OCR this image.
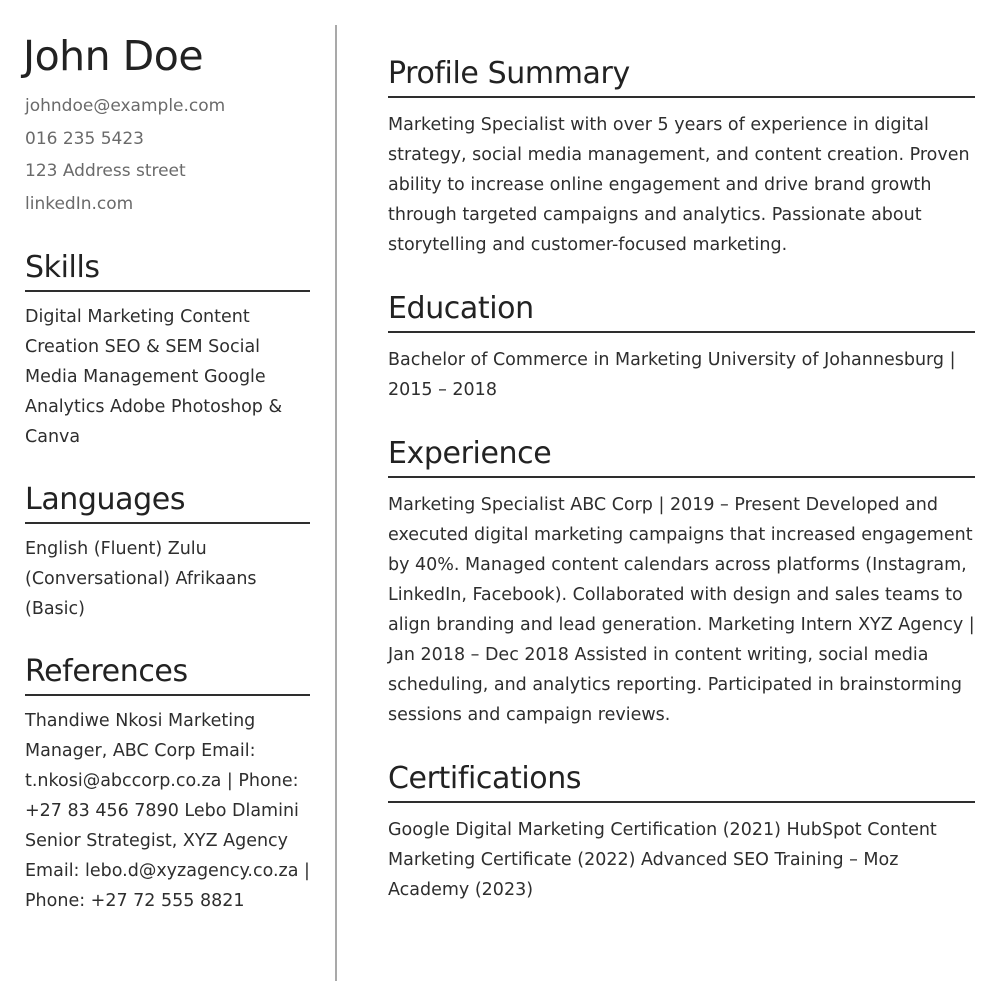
John Doe

johndoe@example.com

016 235 5423

123 Address street

linkedIn.com

Skills

Digital Marketing Content Creation SEO & SEM Social Media Management Google Analytics Adobe Photoshop & Canva

Languages

English (Fluent) Zulu (Conversational) Afrikaans (Basic)

References

Thandiwe Nkosi Marketing Manager, ABC Corp Email: t.nkosi@abccorp.co.za | Phone: +27 83 456 7890 Lebo Dlamini Senior Strategist, XYZ Agency Email: lebo.d@xyzagency.co.za | Phone: +27 72 555 8821

Profile Summary

Marketing Specialist with over 5 years of experience in digital strategy, social media management, and content creation. Proven ability to increase online engagement and drive brand growth through targeted campaigns and analytics. Passionate about storytelling and customer-focused marketing.

Education

Bachelor of Commerce in Marketing University of Johannesburg | 2015 – 2018

Experience

Marketing Specialist ABC Corp | 2019 – Present Developed and executed digital marketing campaigns that increased engagement by 40%. Managed content calendars across platforms (Instagram, LinkedIn, Facebook). Collaborated with design and sales teams to align branding and lead generation. Marketing Intern XYZ Agency | Jan 2018 – Dec 2018 Assisted in content writing, social media scheduling, and analytics reporting. Participated in brainstorming sessions and campaign reviews.

Certifications

Google Digital Marketing Certification (2021) HubSpot Content Marketing Certificate (2022) Advanced SEO Training – Moz Academy (2023)
